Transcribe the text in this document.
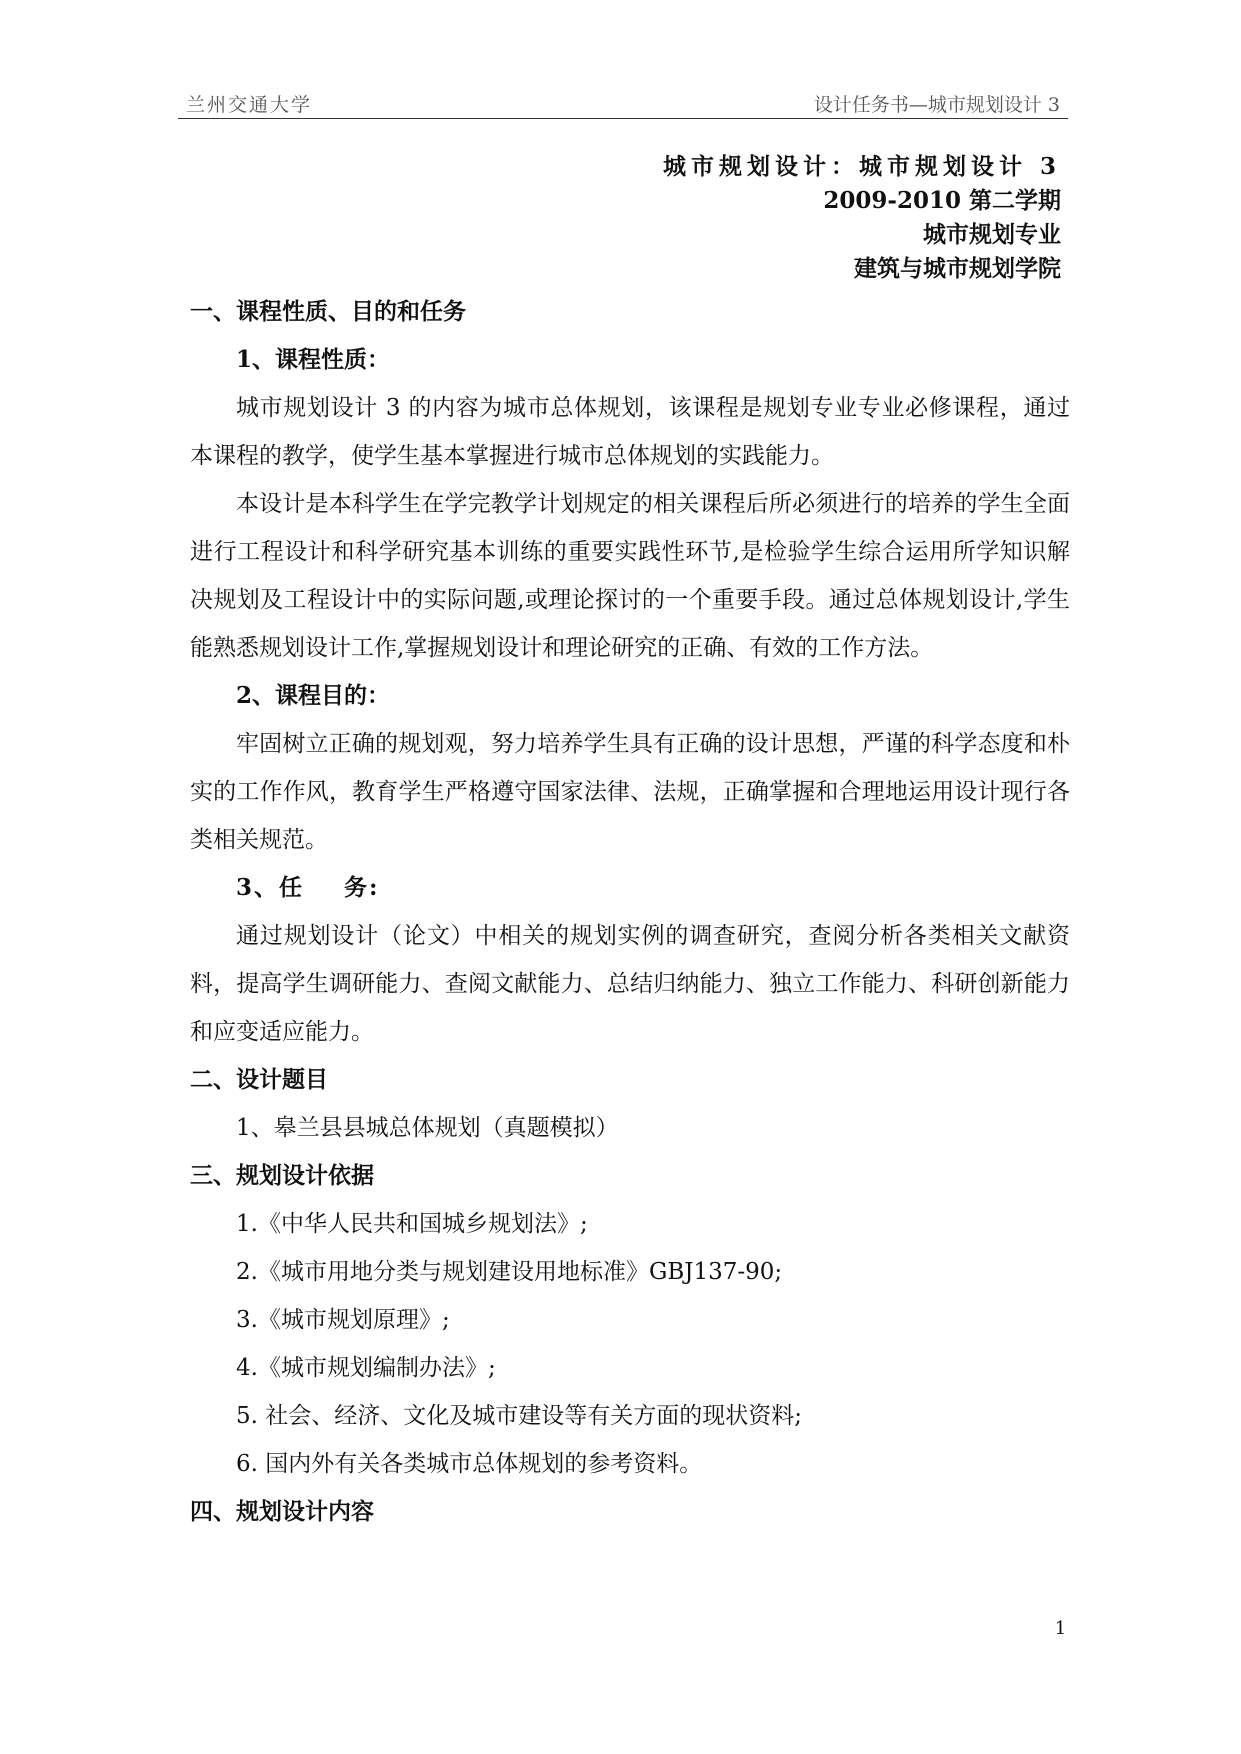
兰州交通大学	设计任务书—城市规划设计 3
城市规划设计：城市规划设计 3
2009-2010 第二学期
城市规划专业
建筑与城市规划学院
一、课程性质、目的和任务
1、课程性质：

城市规划设计 3 的内容为城市总体规划，该课程是规划专业专业必修课程，通过本课程的教学，使学生基本掌握进行城市总体规划的实践能力。

本设计是本科学生在学完教学计划规定的相关课程后所必须进行的培养的学生全面进行工程设计和科学研究基本训练的重要实践性环节,是检验学生综合运用所学知识解决规划及工程设计中的实际问题,或理论探讨的一个重要手段。通过总体规划设计,学生能熟悉规划设计工作,掌握规划设计和理论研究的正确、有效的工作方法。

2、课程目的：

牢固树立正确的规划观，努力培养学生具有正确的设计思想，严谨的科学态度和朴实的工作作风，教育学生严格遵守国家法律、法规，正确掌握和合理地运用设计现行各类相关规范。

3、任    务:

通过规划设计（论文）中相关的规划实例的调查研究，查阅分析各类相关文献资料，提高学生调研能力、查阅文献能力、总结归纳能力、独立工作能力、科研创新能力和应变适应能力。

二、设计题目
1、皋兰县县城总体规划（真题模拟）
三、规划设计依据
1.《中华人民共和国城乡规划法》;
2.《城市用地分类与规划建设用地标准》GBJ137-90;
3.《城市规划原理》;
4.《城市规划编制办法》;
5. 社会、经济、文化及城市建设等有关方面的现状资料;
6. 国内外有关各类城市总体规划的参考资料。
四、规划设计内容
1
